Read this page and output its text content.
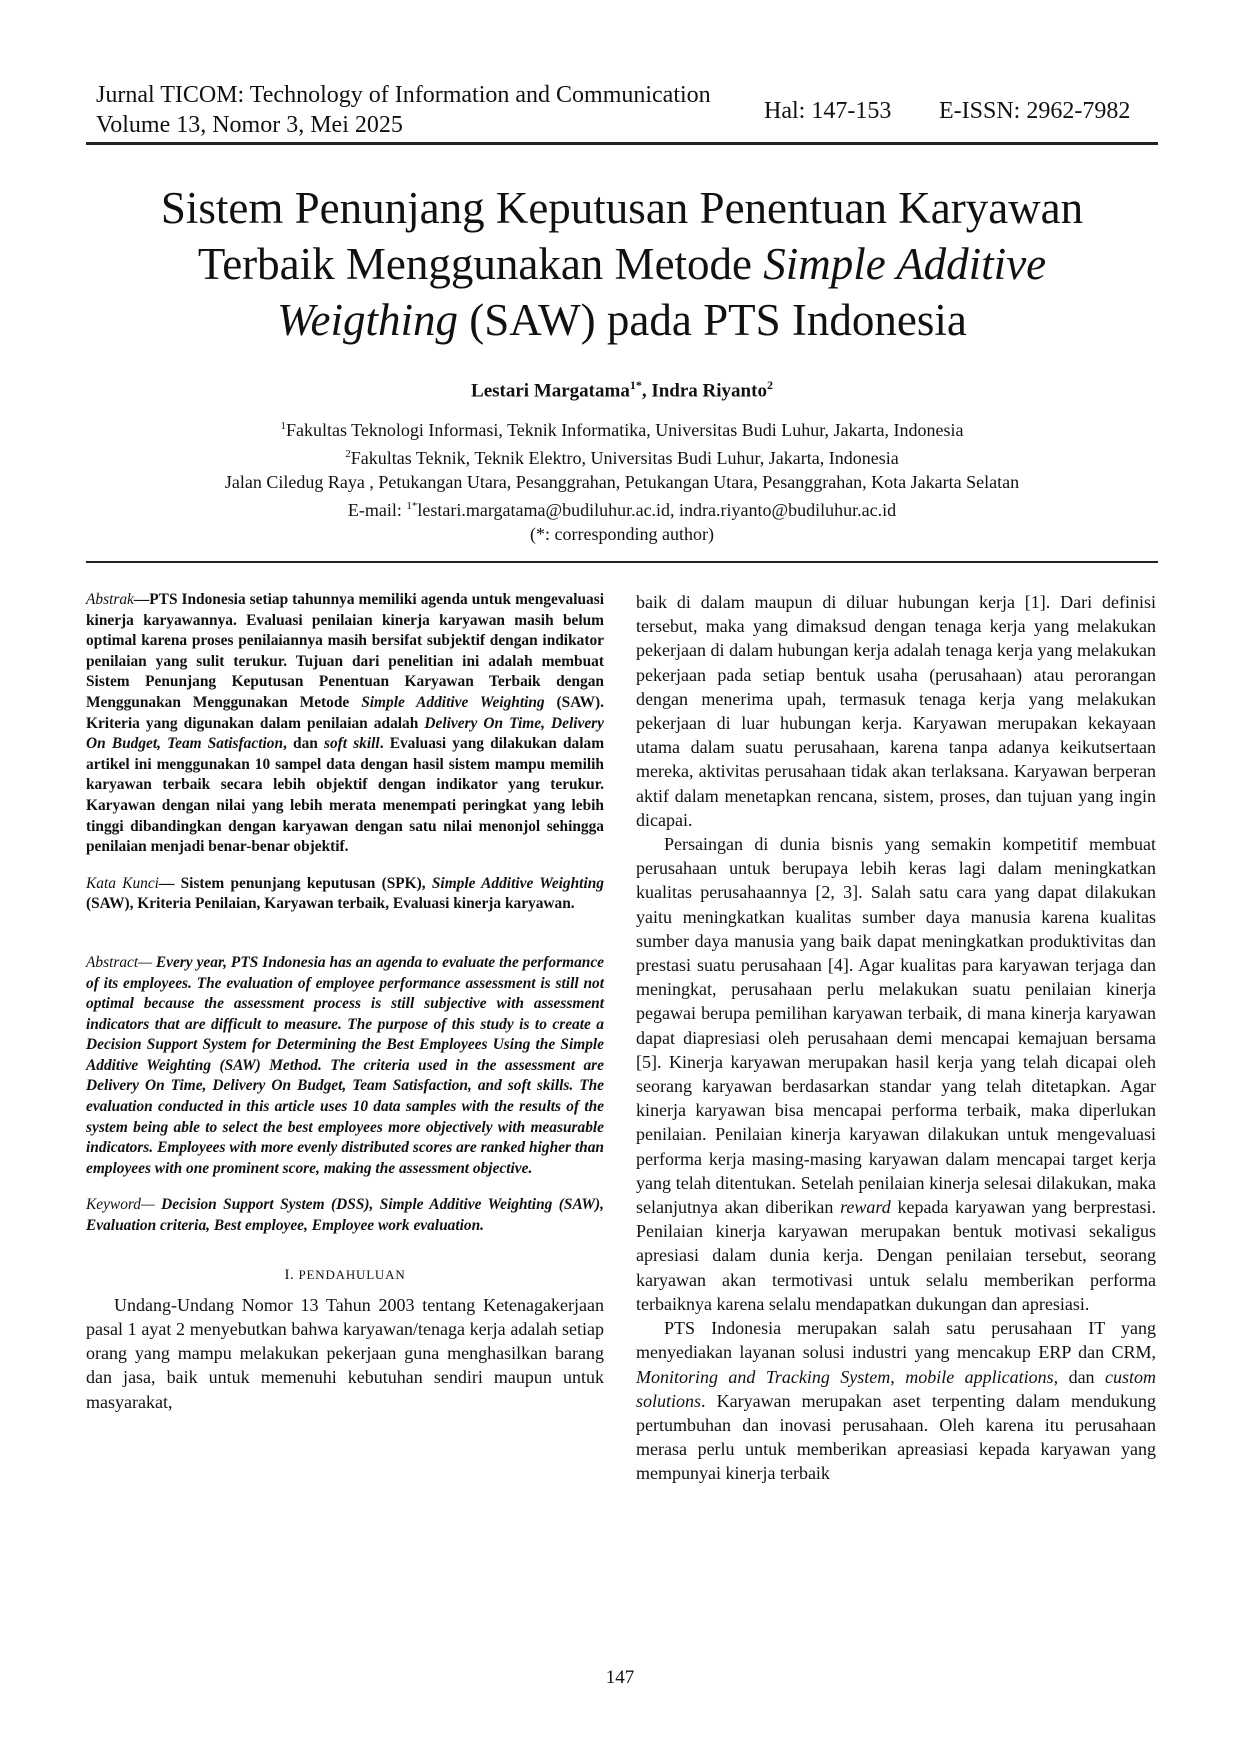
Jurnal TICOM: Technology of Information and Communication
Volume 13, Nomor 3, Mei 2025
Hal: 147-153 E-ISSN: 2962-7982
Sistem Penunjang Keputusan Penentuan Karyawan
Terbaik Menggunakan Metode Simple Additive
Weigthing (SAW) pada PTS Indonesia
Lestari Margatama$^{1*}$, Indra Riyanto$^2$
$^1$Fakultas Teknologi Informasi, Teknik Informatika, Universitas Budi Luhur, Jakarta, Indonesia
$^2$Fakultas Teknik, Teknik Elektro, Universitas Budi Luhur, Jakarta, Indonesia
Jalan Ciledug Raya , Petukangan Utara, Pesanggrahan, Petukangan Utara, Pesanggrahan, Kota Jakarta Selatan
E-mail: $^{1*}$lestari.margatama@budiluhur.ac.id, indra.riyanto@budiluhur.ac.id
(*: corresponding author)

Abstrak—PTS Indonesia setiap tahunnya memiliki agenda untuk mengevaluasi kinerja karyawannya. Evaluasi penilaian kinerja karyawan masih belum optimal karena proses penilaiannya masih bersifat subjektif dengan indikator penilaian yang sulit terukur. Tujuan dari penelitian ini adalah membuat Sistem Penunjang Keputusan Penentuan Karyawan Terbaik dengan Menggunakan Menggunakan Metode Simple Additive Weighting (SAW). Kriteria yang digunakan dalam penilaian adalah Delivery On Time, Delivery On Budget, Team Satisfaction, dan soft skill. Evaluasi yang dilakukan dalam artikel ini menggunakan 10 sampel data dengan hasil sistem mampu memilih karyawan terbaik secara lebih objektif dengan indikator yang terukur. Karyawan dengan nilai yang lebih merata menempati peringkat yang lebih tinggi dibandingkan dengan karyawan dengan satu nilai menonjol sehingga penilaian menjadi benar-benar objektif.

Kata Kunci— Sistem penunjang keputusan (SPK), Simple Additive Weighting (SAW), Kriteria Penilaian, Karyawan terbaik, Evaluasi kinerja karyawan.

Abstract— Every year, PTS Indonesia has an agenda to evaluate the performance of its employees. The evaluation of employee performance assessment is still not optimal because the assessment process is still subjective with assessment indicators that are difficult to measure. The purpose of this study is to create a Decision Support System for Determining the Best Employees Using the Simple Additive Weighting (SAW) Method. The criteria used in the assessment are Delivery On Time, Delivery On Budget, Team Satisfaction, and soft skills. The evaluation conducted in this article uses 10 data samples with the results of the system being able to select the best employees more objectively with measurable indicators. Employees with more evenly distributed scores are ranked higher than employees with one prominent score, making the assessment objective.

Keyword— Decision Support System (DSS), Simple Additive Weighting (SAW), Evaluation criteria, Best employee, Employee work evaluation.

I. PENDAHULUAN

Undang-Undang Nomor 13 Tahun 2003 tentang Ketenagakerjaan pasal 1 ayat 2 menyebutkan bahwa karyawan/tenaga kerja adalah setiap orang yang mampu melakukan pekerjaan guna menghasilkan barang dan jasa, baik untuk memenuhi kebutuhan sendiri maupun untuk masyarakat,

baik di dalam maupun di diluar hubungan kerja [1]. Dari definisi tersebut, maka yang dimaksud dengan tenaga kerja yang melakukan pekerjaan di dalam hubungan kerja adalah tenaga kerja yang melakukan pekerjaan pada setiap bentuk usaha (perusahaan) atau perorangan dengan menerima upah, termasuk tenaga kerja yang melakukan pekerjaan di luar hubungan kerja. Karyawan merupakan kekayaan utama dalam suatu perusahaan, karena tanpa adanya keikutsertaan mereka, aktivitas perusahaan tidak akan terlaksana. Karyawan berperan aktif dalam menetapkan rencana, sistem, proses, dan tujuan yang ingin dicapai.

Persaingan di dunia bisnis yang semakin kompetitif membuat perusahaan untuk berupaya lebih keras lagi dalam meningkatkan kualitas perusahaannya [2, 3]. Salah satu cara yang dapat dilakukan yaitu meningkatkan kualitas sumber daya manusia karena kualitas sumber daya manusia yang baik dapat meningkatkan produktivitas dan prestasi suatu perusahaan [4]. Agar kualitas para karyawan terjaga dan meningkat, perusahaan perlu melakukan suatu penilaian kinerja pegawai berupa pemilihan karyawan terbaik, di mana kinerja karyawan dapat diapresiasi oleh perusahaan demi mencapai kemajuan bersama [5]. Kinerja karyawan merupakan hasil kerja yang telah dicapai oleh seorang karyawan berdasarkan standar yang telah ditetapkan. Agar kinerja karyawan bisa mencapai performa terbaik, maka diperlukan penilaian. Penilaian kinerja karyawan dilakukan untuk mengevaluasi performa kerja masing-masing karyawan dalam mencapai target kerja yang telah ditentukan. Setelah penilaian kinerja selesai dilakukan, maka selanjutnya akan diberikan reward kepada karyawan yang berprestasi. Penilaian kinerja karyawan merupakan bentuk motivasi sekaligus apresiasi dalam dunia kerja. Dengan penilaian tersebut, seorang karyawan akan termotivasi untuk selalu memberikan performa terbaiknya karena selalu mendapatkan dukungan dan apresiasi.

PTS Indonesia merupakan salah satu perusahaan IT yang menyediakan layanan solusi industri yang mencakup ERP dan CRM, Monitoring and Tracking System, mobile applications, dan custom solutions. Karyawan merupakan aset terpenting dalam mendukung pertumbuhan dan inovasi perusahaan. Oleh karena itu perusahaan merasa perlu untuk memberikan apreasiasi kepada karyawan yang mempunyai kinerja terbaik

147
